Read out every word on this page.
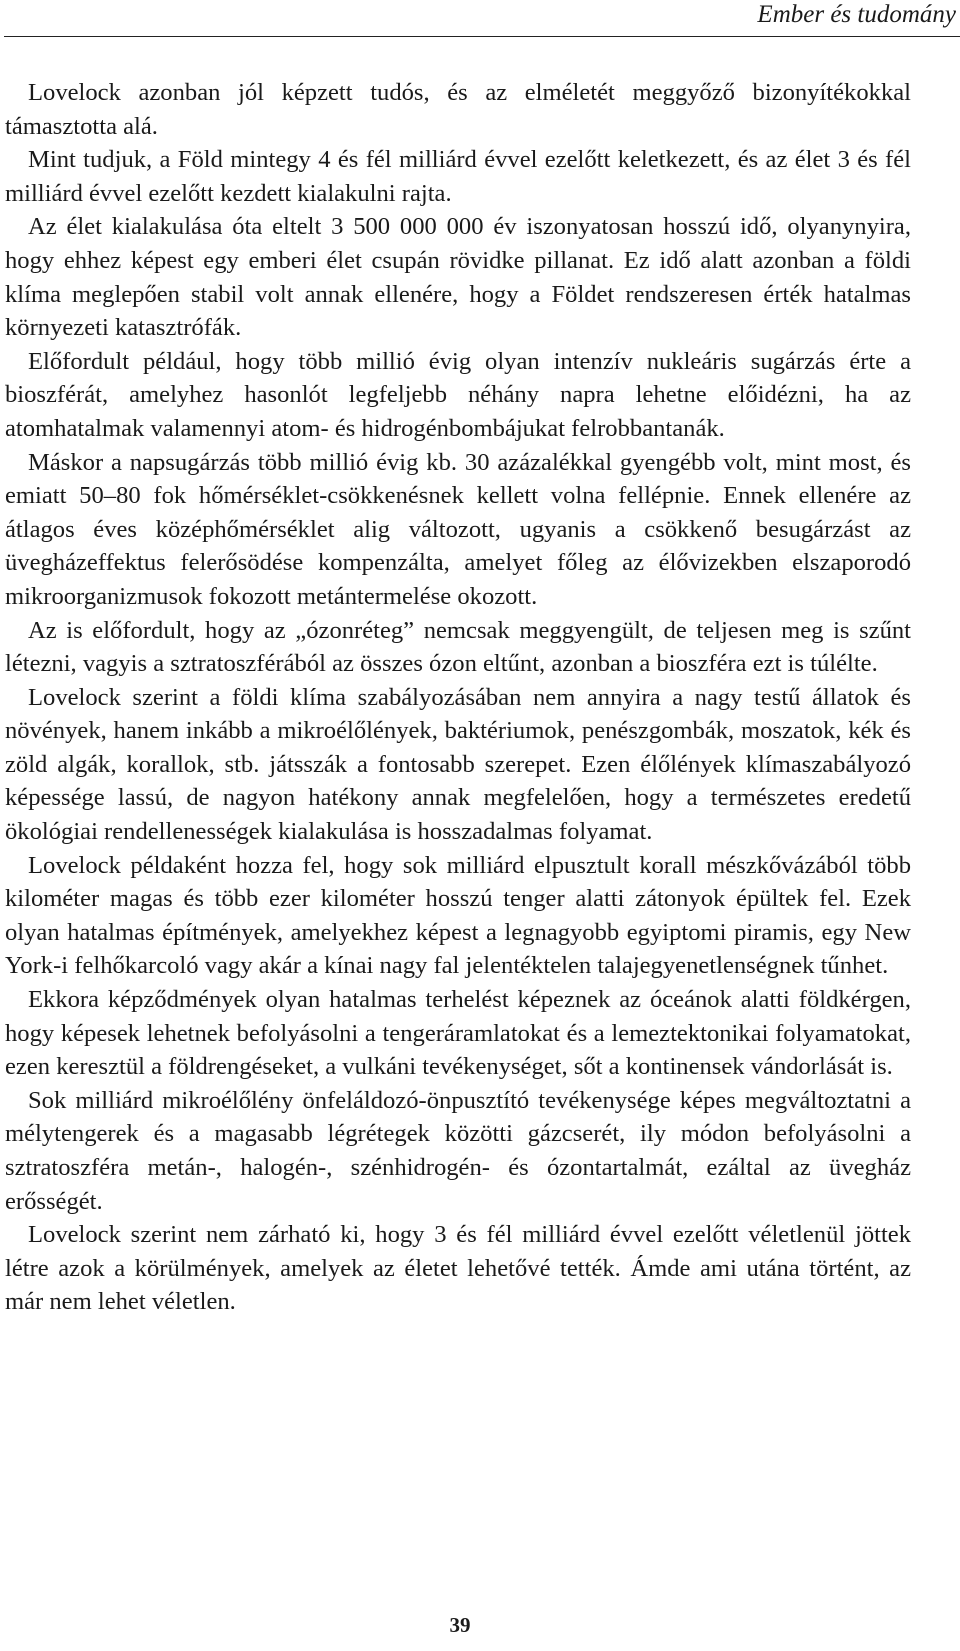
Ember és tudomány

Lovelock azonban jól képzett tudós, és az elméletét meggyőző bizonyítékokkal támasztotta alá.

Mint tudjuk, a Föld mintegy 4 és fél milliárd évvel ezelőtt keletkezett, és az élet 3 és fél milliárd évvel ezelőtt kezdett kialakulni rajta.

Az élet kialakulása óta eltelt 3 500 000 000 év iszonyatosan hosszú idő, olyanynyira, hogy ehhez képest egy emberi élet csupán rövidke pillanat. Ez idő alatt azonban a földi klíma meglepően stabil volt annak ellenére, hogy a Földet rendszeresen érték hatalmas környezeti katasztrófák.

Előfordult például, hogy több millió évig olyan intenzív nukleáris sugárzás érte a bioszférát, amelyhez hasonlót legfeljebb néhány napra lehetne előidézni, ha az atomhatalmak valamennyi atom- és hidrogénbombájukat felrobbantanák.

Máskor a napsugárzás több millió évig kb. 30 azázalékkal gyengébb volt, mint most, és emiatt 50–80 fok hőmérséklet-csökkenésnek kellett volna fellépnie. Ennek ellenére az átlagos éves középhőmérséklet alig változott, ugyanis a csökkenő besugárzást az üvegházeffektus felerősödése kompenzálta, amelyet főleg az élővizekben elszaporodó mikroorganizmusok fokozott metántermelése okozott.

Az is előfordult, hogy az „ózonréteg” nemcsak meggyengült, de teljesen meg is szűnt létezni, vagyis a sztratoszférából az összes ózon eltűnt, azonban a bioszféra ezt is túlélte.

Lovelock szerint a földi klíma szabályozásában nem annyira a nagy testű állatok és növények, hanem inkább a mikroélőlények, baktériumok, penészgombák, moszatok, kék és zöld algák, korallok, stb. játsszák a fontosabb szerepet. Ezen élőlények klímaszabályozó képessége lassú, de nagyon hatékony annak megfelelően, hogy a természetes eredetű ökológiai rendellenességek kialakulása is hosszadalmas folyamat.

Lovelock példaként hozza fel, hogy sok milliárd elpusztult korall mészkővázából több kilométer magas és több ezer kilométer hosszú tenger alatti zátonyok épültek fel. Ezek olyan hatalmas építmények, amelyekhez képest a legnagyobb egyiptomi piramis, egy New York-i felhőkarcoló vagy akár a kínai nagy fal jelentéktelen talajegyenetlenségnek tűnhet.

Ekkora képződmények olyan hatalmas terhelést képeznek az óceánok alatti földkérgen, hogy képesek lehetnek befolyásolni a tengeráramlatokat és a lemeztektonikai folyamatokat, ezen keresztül a földrengéseket, a vulkáni tevékenységet, sőt a kontinensek vándorlását is.

Sok milliárd mikroélőlény önfeláldozó-önpusztító tevékenysége képes megváltoztatni a mélytengerek és a magasabb légrétegek közötti gázcserét, ily módon befolyásolni a sztratoszféra metán-, halogén-, szénhidrogén- és ózontartalmát, ezáltal az üvegház erősségét.

Lovelock szerint nem zárható ki, hogy 3 és fél milliárd évvel ezelőtt véletlenül jöttek létre azok a körülmények, amelyek az életet lehetővé tették. Ámde ami utána történt, az már nem lehet véletlen.

39
